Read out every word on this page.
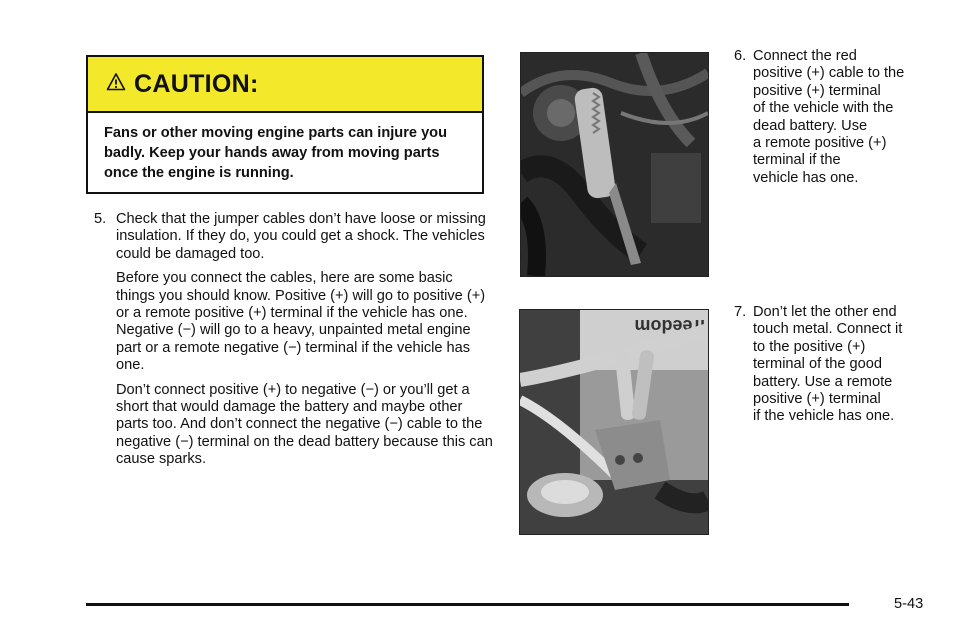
CAUTION:
Fans or other moving engine parts can injure you badly. Keep your hands away from moving parts once the engine is running.
5. Check that the jumper cables don’t have loose or missing insulation. If they do, you could get a shock. The vehicles could be damaged too.

Before you connect the cables, here are some basic things you should know. Positive (+) will go to positive (+) or a remote positive (+) terminal if the vehicle has one. Negative (−) will go to a heavy, unpainted metal engine part or a remote negative (−) terminal if the vehicle has one.

Don’t connect positive (+) to negative (−) or you’ll get a short that would damage the battery and maybe other parts too. And don’t connect the negative (−) cable to the negative (−) terminal on the dead battery because this can cause sparks.

freedom
6. Connect the red
positive (+) cable to the
positive (+) terminal
of the vehicle with the
dead battery. Use
a remote positive (+)
terminal if the
vehicle has one.
7. Don’t let the other end
touch metal. Connect it
to the positive (+)
terminal of the good
battery. Use a remote
positive (+) terminal
if the vehicle has one.
5-43
